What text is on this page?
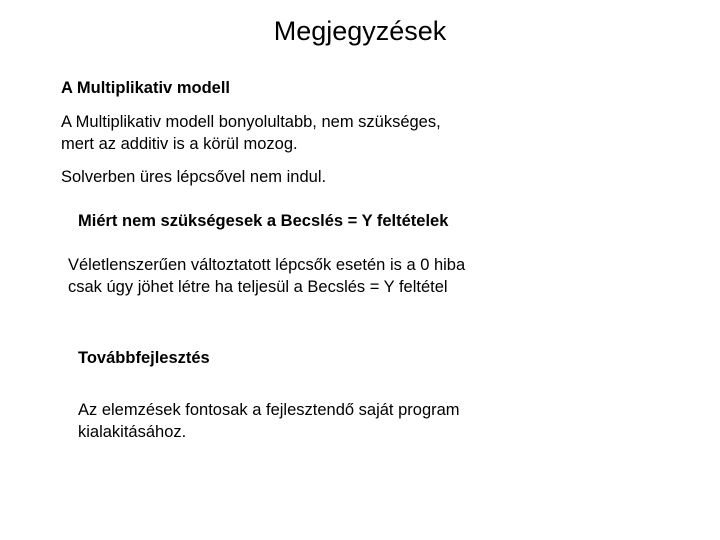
Megjegyzések
A Multiplikativ modell
A Multiplikativ modell bonyolultabb, nem szükséges,
mert az additiv is a körül mozog.
Solverben üres lépcsővel nem indul.
Miért nem szükségesek a Becslés = Y feltételek
Véletlenszerűen változtatott lépcsők esetén is a 0 hiba
csak úgy jöhet létre ha teljesül a Becslés = Y feltétel
Továbbfejlesztés
Az elemzések fontosak a fejlesztendő saját program
kialakitásához.
